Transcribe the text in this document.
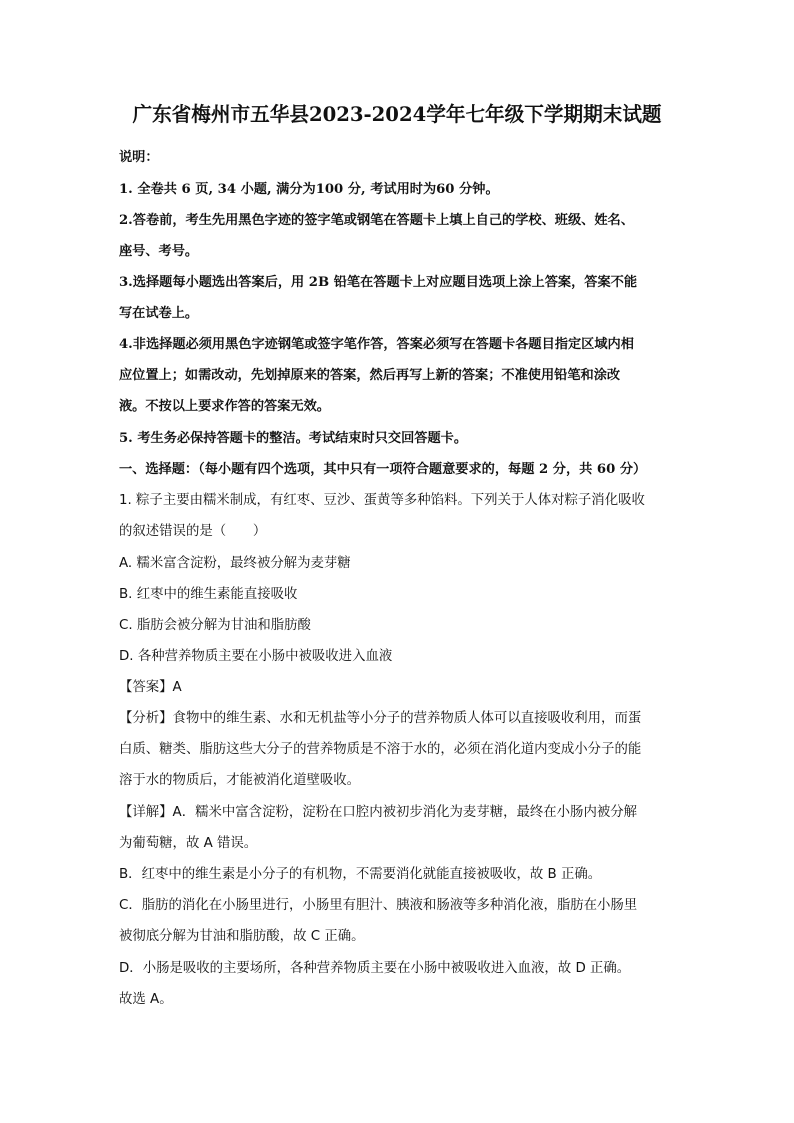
广东省梅州市五华县2023-2024学年七年级下学期期末试题
说明：
1. 全卷共 6 页, 34 小题, 满分为100 分, 考试用时为60 分钟。
2.答卷前，考生先用黑色字迹的签字笔或钢笔在答题卡上填上自己的学校、班级、姓名、
座号、考号。
3.选择题每小题选出答案后，用 2B 铅笔在答题卡上对应题目选项上涂上答案，答案不能
写在试卷上。
4.非选择题必须用黑色字迹钢笔或签字笔作答，答案必须写在答题卡各题目指定区域内相
应位置上；如需改动，先划掉原来的答案，然后再写上新的答案；不准使用铅笔和涂改
液。不按以上要求作答的答案无效。
5. 考生务必保持答题卡的整洁。考试结束时只交回答题卡。
一、选择题：（每小题有四个选项，其中只有一项符合题意要求的，每题 2 分，共 60 分）
1. 粽子主要由糯米制成，有红枣、豆沙、蛋黄等多种馅料。下列关于人体对粽子消化吸收
的叙述错误的是（　　）
A. 糯米富含淀粉，最终被分解为麦芽糖
B. 红枣中的维生素能直接吸收
C. 脂肪会被分解为甘油和脂肪酸
D. 各种营养物质主要在小肠中被吸收进入血液
【答案】A
【分析】食物中的维生素、水和无机盐等小分子的营养物质人体可以直接吸收利用，而蛋
白质、糖类、脂肪这些大分子的营养物质是不溶于水的，必须在消化道内变成小分子的能
溶于水的物质后，才能被消化道壁吸收。
【详解】A．糯米中富含淀粉，淀粉在口腔内被初步消化为麦芽糖，最终在小肠内被分解
为葡萄糖，故 A 错误。
B．红枣中的维生素是小分子的有机物，不需要消化就能直接被吸收，故 B 正确。
C．脂肪的消化在小肠里进行，小肠里有胆汁、胰液和肠液等多种消化液，脂肪在小肠里
被彻底分解为甘油和脂肪酸，故 C 正确。
D．小肠是吸收的主要场所，各种营养物质主要在小肠中被吸收进入血液，故 D 正确。
故选 A。
